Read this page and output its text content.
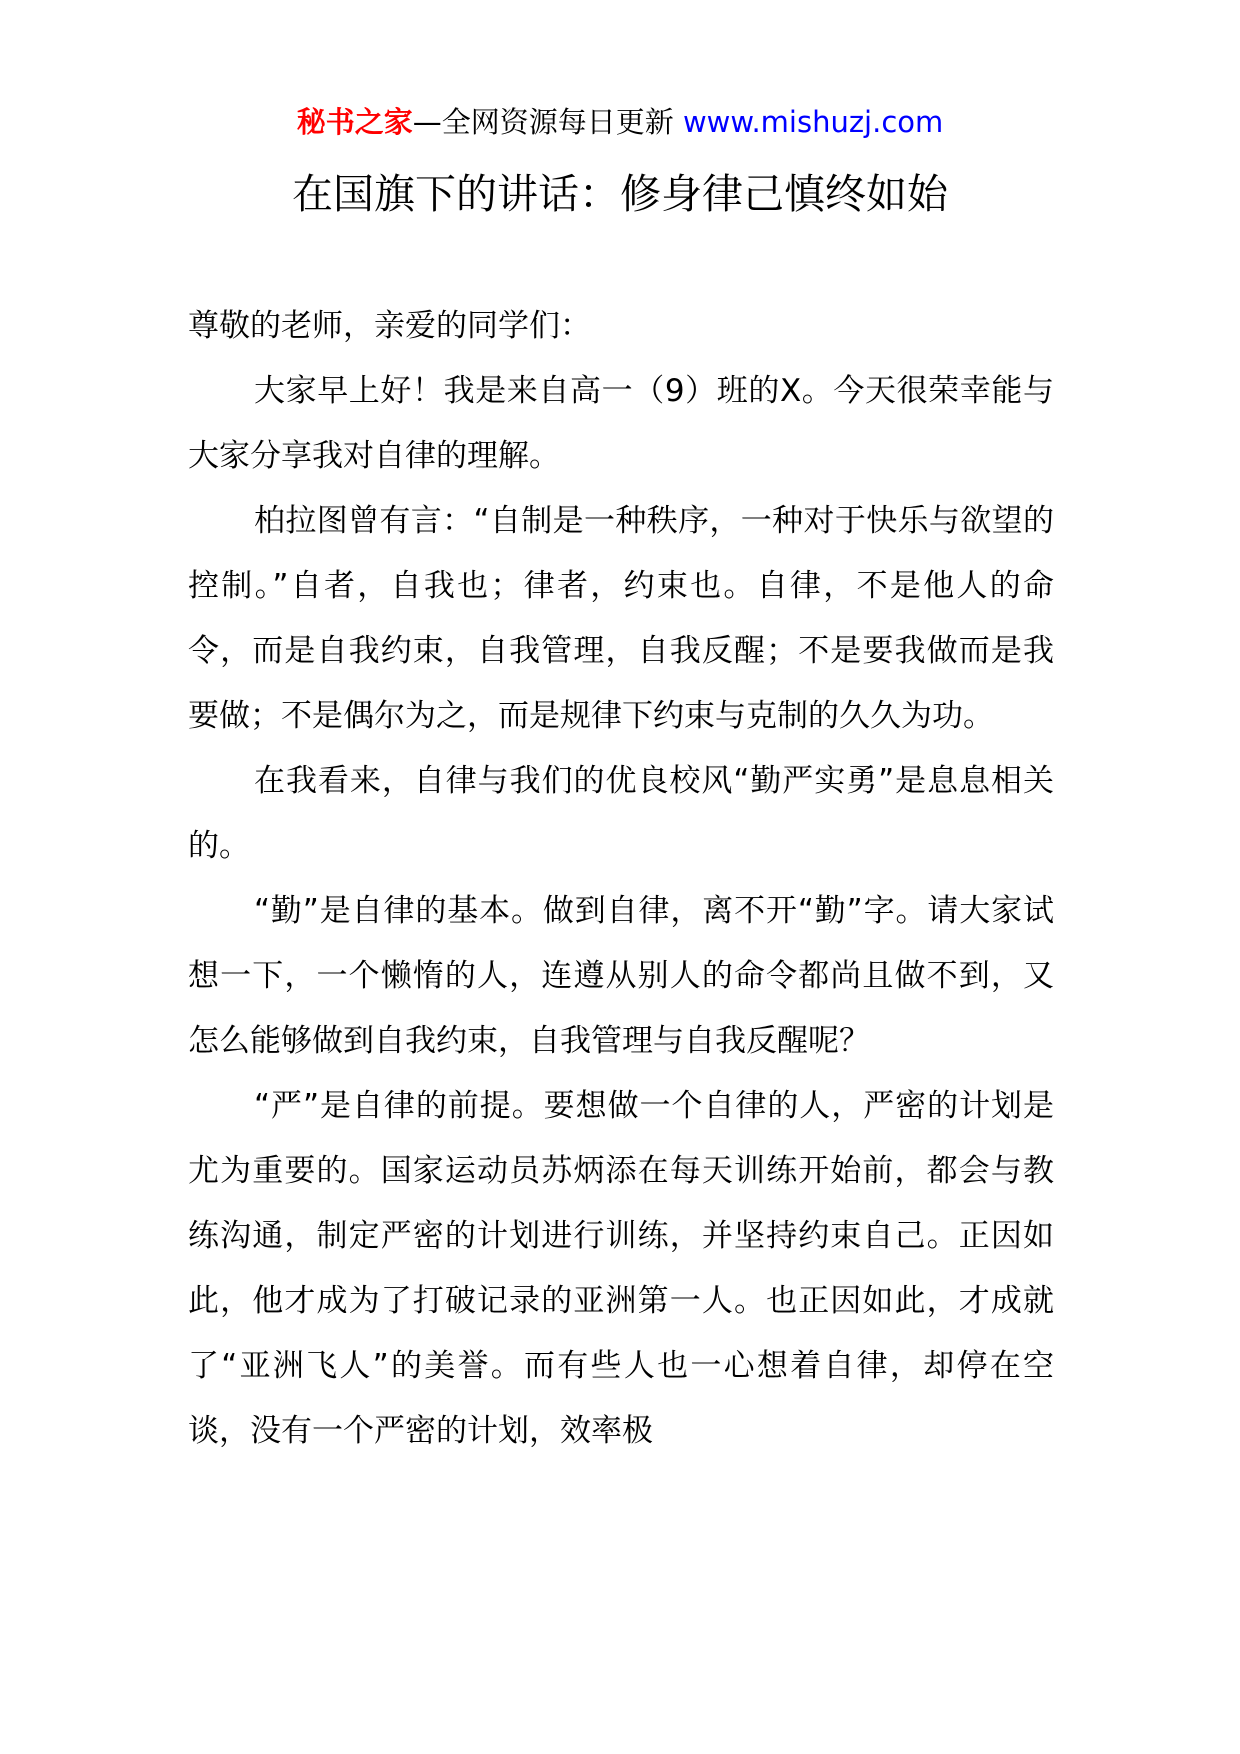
秘书之家—全网资源每日更新 www.mishuzj.com
在国旗下的讲话：修身律己慎终如始

尊敬的老师，亲爱的同学们：

大家早上好！我是来自高一（9）班的X。今天很荣幸能与大家分享我对自律的理解。

柏拉图曾有言：“自制是一种秩序，一种对于快乐与欲望的控制。”自者，自我也；律者，约束也。自律，不是他人的命令，而是自我约束，自我管理，自我反醒；不是要我做而是我要做；不是偶尔为之，而是规律下约束与克制的久久为功。

在我看来，自律与我们的优良校风“勤严实勇”是息息相关的。

“勤”是自律的基本。做到自律，离不开“勤”字。请大家试想一下，一个懒惰的人，连遵从别人的命令都尚且做不到，又怎么能够做到自我约束，自我管理与自我反醒呢？

“严”是自律的前提。要想做一个自律的人，严密的计划是尤为重要的。国家运动员苏炳添在每天训练开始前，都会与教练沟通，制定严密的计划进行训练，并坚持约束自己。正因如此，他才成为了打破记录的亚洲第一人。也正因如此，才成就了“亚洲飞人”的美誉。而有些人也一心想着自律，却停在空谈，没有一个严密的计划，效率极
